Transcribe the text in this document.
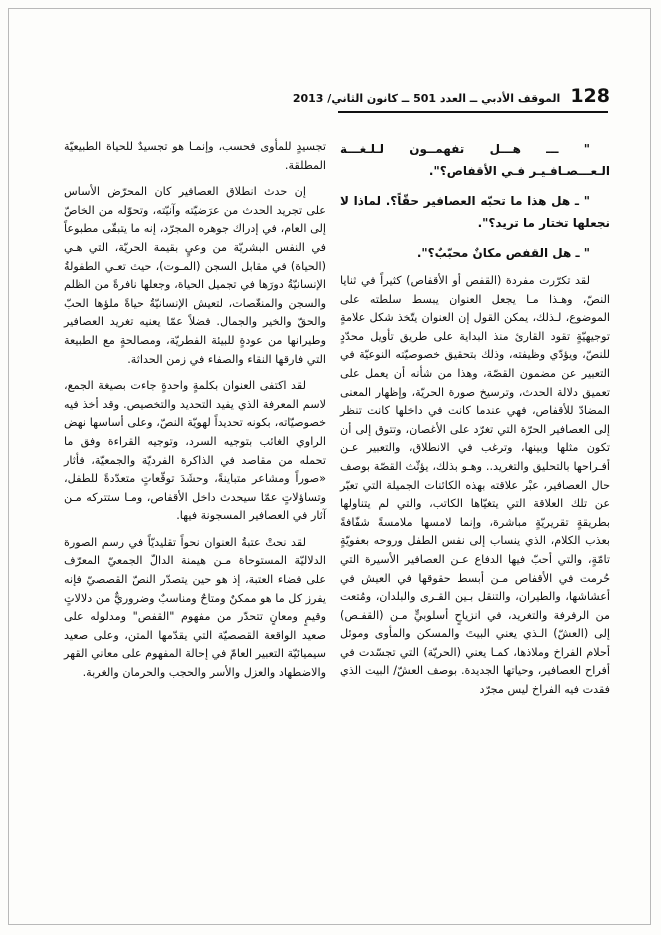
128
الموقف الأدبي ــ العدد 501 ــ كانون الثاني/ 2013

" ـــ هـــل تفهمــون لـلـغـــة الـعـــصـافـيـر فـي الأقفاص؟".

" ـ هل هذا ما تحبّه العصافير حقّاً؟. لماذا لا نجعلها تختار ما تريد؟".

" ـ هل القفص مكانٌ محبّبٌ؟".

لقد تكرّرت مفردة (القفص أو الأقفاص) كثيراً في ثنايا النصّ، وهـذا مـا يجعل العنوان يبسط سلطته على الموضوع، لـذلك، يمكن القول إن العنوان يتّخذ شكل علامةٍ توجيهيّةٍ تقود القارئ منذ البداية على طريق تأويل محدّدٍ للنصّ، ويؤدّي وظيفته، وذلك بتحقيق خصوصيّته النوعيّة في التعبير عن مضمون القصّة، وهذا من شأنه أن يعمل على تعميق دلالة الحدث، وترسيخ صورة الحريّة، وإظهار المعنى المضادّ للأقفاص، فهي عندما كانت في داخلها كانت تنظر إلى العصافير الحرّة التي تغرّد على الأغصان، وتتوق إلى أن تكون مثلها وبينها، وترغب في الانطلاق، والتعبير عـن أفـراحها بالتحليق والتغريد.. وهـو بذلك، يؤثّث القصّة بوصف حال العصافير، عبْر علاقته بهذه الكائنات الجميلة التي تعبّر عن تلك العلاقة التي يتغيّاها الكاتب، والتي لم يتناولها بطريقةٍ تقريريّةٍ مباشرة، وإنما لامسها ملامسةً شفّافةً بعذب الكلام، الذي ينساب إلى نفس الطفل وروحه بعفويّةٍ تامّةٍ، والتي أحبّ فيها الدفاع عـن العصافير الأسيرة التي حُرمت في الأقفاص مـن أبسط حقوقها في العيش في أعشاشها، والطيران، والتنقل بـين القـرى والبلدان، ومُتعت من الرفرفة والتغريد، في انزياحٍ أسلوبيٍّ مـن (القفـص) إلى (العشّ) الـذي يعني البيتَ والمسكن والمأوى وموئل أحلام الفراخ وملاذها، كمـا يعني (الحريّة) التي تجسّدت في أفراح العصافير، وحياتها الجديدة. بوصف العشّ/ البيت الذي فقدت فيه الفراخ ليس مجرّد

تجسيدٍ للمأوى فحسب، وإنمـا هو تجسيدٌ للحياة الطبيعيّة المطلقة.

إن حدث انطلاق العصافير كان المحرّض الأساس على تجريد الحدث من عرَضيّته وآنيّته، وتحوّله من الخاصّ إلى العام، في إدراك جوهره المجرّد، إنه ما يتبقّى مطبوعاً في النفس البشريّة من وعيٍ بقيمة الحريّة، التي هـي (الحياة) في مقابل السجن (المـوت)، حيث تعـي الطفولةُ الإنسانيّةُ دورَها في تجميل الحياة، وجعلها نافرةً من الظلم والسجن والمنغّصات، لتعيش الإنسانيّةُ حياةً ملؤها الحبّ والحقّ والخير والجمال. فضلاً عمّا يعنيه تغريد العصافير وطيرانها من عودةٍ للبيئة الفطريّة، ومصالحةٍ مع الطبيعة التي فارقها النقاء والصفاء في زمن الحداثة.

لقد اكتفى العنوان بكلمةٍ واحدةٍ جاءت بصيغة الجمع، لاسم المعرفة الذي يفيد التحديد والتخصيص. وقد أخذ فيه خصوصيّاته، بكونه تحديداً لهويّة النصّ، وعلى أساسها نهض الراوي الغائب بتوجيه السرد، وتوجيه القراءة وفق ما تحمله من مقاصد في الذاكرة الفرديّة والجمعيّة، فأثار «صوراً ومشاعر متباينةً، وحشَدَ توقّعاتٍ متعدّدةً للطفل، وتساؤلاتٍ عمّا سيحدث داخل الأقفاص، ومـا ستتركه مـن آثار في العصافير المسجونة فيها.

لقد نحتْ عتبةُ العنوان نحواً تقليديّاً في رسم الصورة الدلاليّة المستوحاة مـن هيمنة الدالّ الجمعيّ المعرّف على فضاء العتبة، إذ هو حين يتصدّر النصّ القصصيّ فإنه يفرز كل ما هو ممكنٌ ومتاحٌ ومناسبٌ وضروريٌّ من دلالاتٍ وقيمٍ ومعانٍ تتحدّر من مفهوم "القفص" ومدلوله على صعيد الواقعة القصصيّة التي يقدّمها المتن، وعلى صعيد سيميائيّة التعبير العامّ في إحالة المفهوم على معاني القهر والاضطهاد والعزل والأسر والحجب والحرمان والغربة.
